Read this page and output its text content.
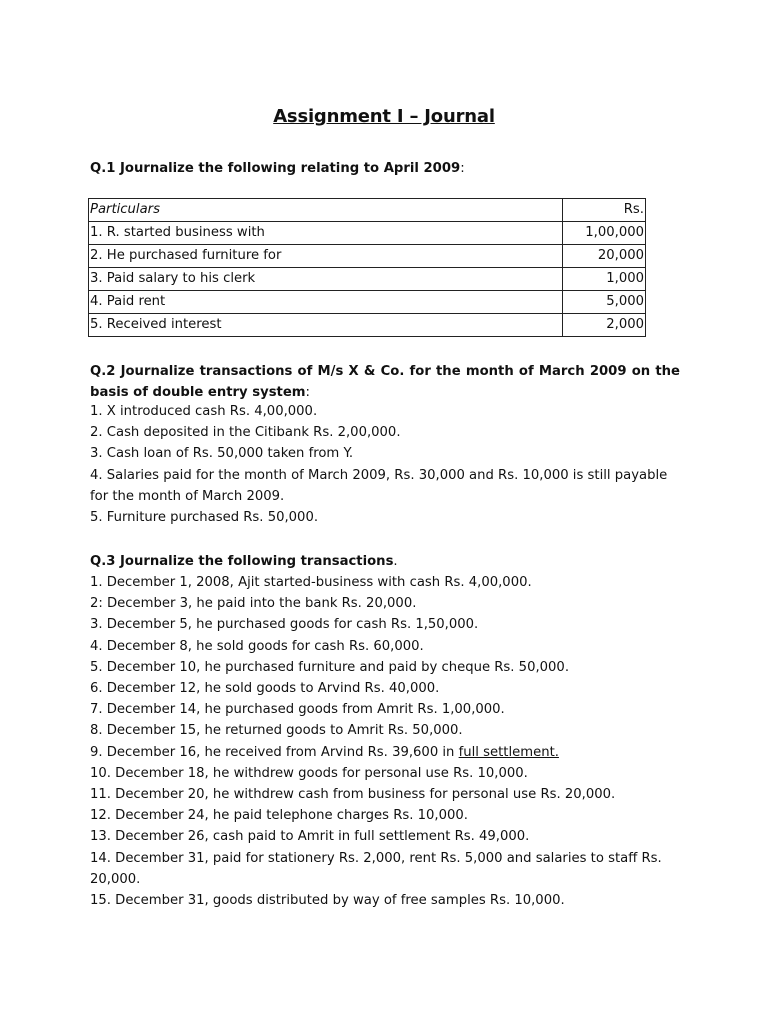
Assignment I – Journal
Q.1 Journalize the following relating to April 2009:
Particulars	Rs.
1. R. started business with	1,00,000
2. He purchased furniture for	20,000
3. Paid salary to his clerk	1,000
4. Paid rent	5,000
5. Received interest	2,000
Q.2 Journalize transactions of M/s X & Co. for the month of March 2009 on the basis of double entry system:
1. X introduced cash Rs. 4,00,000.
2. Cash deposited in the Citibank Rs. 2,00,000.
3. Cash loan of Rs. 50,000 taken from Y.
4. Salaries paid for the month of March 2009, Rs. 30,000 and Rs. 10,000 is still payable for the month of March 2009.
5. Furniture purchased Rs. 50,000.
Q.3 Journalize the following transactions.
1. December 1, 2008, Ajit started-business with cash Rs. 4,00,000.
2: December 3, he paid into the bank Rs. 20,000.
3. December 5, he purchased goods for cash Rs. 1,50,000.
4. December 8, he sold goods for cash Rs. 60,000.
5. December 10, he purchased furniture and paid by cheque Rs. 50,000.
6. December 12, he sold goods to Arvind Rs. 40,000.
7. December 14, he purchased goods from Amrit Rs. 1,00,000.
8. December 15, he returned goods to Amrit Rs. 50,000.
9. December 16, he received from Arvind Rs. 39,600 in full settlement.
10. December 18, he withdrew goods for personal use Rs. 10,000.
11. December 20, he withdrew cash from business for personal use Rs. 20,000.
12. December 24, he paid telephone charges Rs. 10,000.
13. December 26, cash paid to Amrit in full settlement Rs. 49,000.
14. December 31, paid for stationery Rs. 2,000, rent Rs. 5,000 and salaries to staff Rs. 20,000.
15. December 31, goods distributed by way of free samples Rs. 10,000.
